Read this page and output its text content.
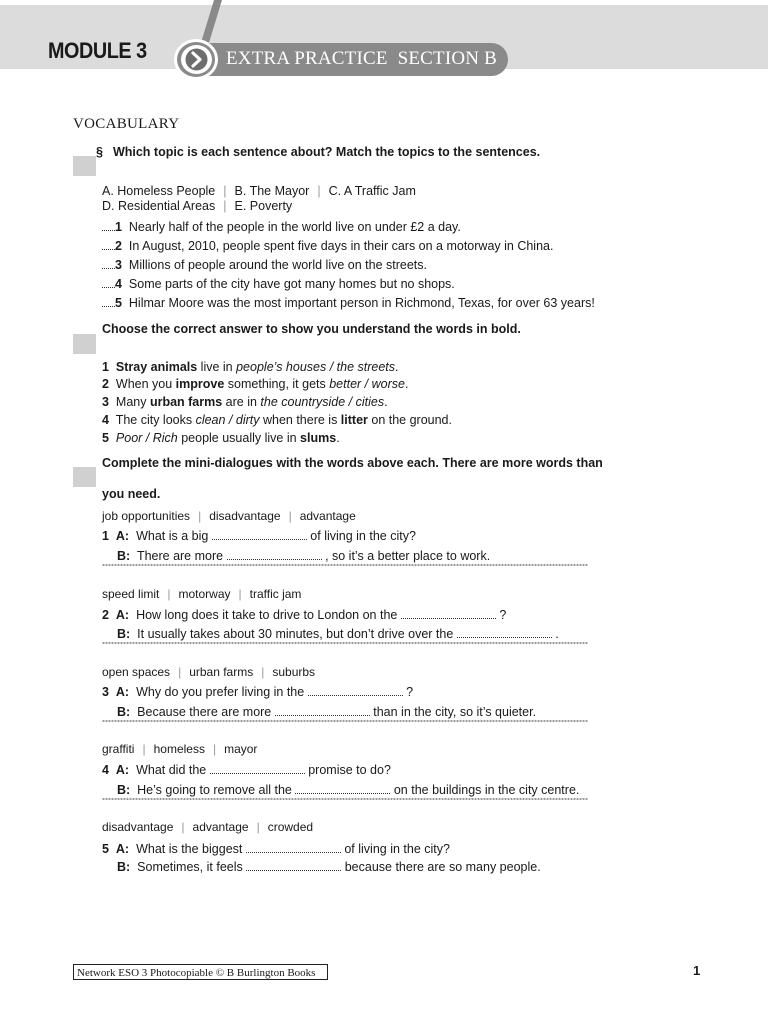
MODULE 3	EXTRA PRACTICE  SECTION B
VOCABULARY
§ Which topic is each sentence about? Match the topics to the sentences.
A. Homeless People | B. The Mayor | C. A Traffic Jam
D. Residential Areas | E. Poverty
1 Nearly half of the people in the world live on under £2 a day.
2 In August, 2010, people spent five days in their cars on a motorway in China.
3 Millions of people around the world live on the streets.
4 Some parts of the city have got many homes but no shops.
5 Hilmar Moore was the most important person in Richmond, Texas, for over 63 years!
Choose the correct answer to show you understand the words in bold.
1 Stray animals live in people’s houses / the streets.
2 When you improve something, it gets better / worse.
3 Many urban farms are in the countryside / cities.
4 The city looks clean / dirty when there is litter on the ground.
5 Poor / Rich people usually live in slums.
Complete the mini-dialogues with the words above each. There are more words than
you need.
job opportunities | disadvantage | advantage
1 A: What is a big	of living in the city?
B: There are more	, so it’s a better place to work.
speed limit | motorway | traffic jam
2 A: How long does it take to drive to London on the	?
B: It usually takes about 30 minutes, but don’t drive over the	.
open spaces | urban farms | suburbs
3 A: Why do you prefer living in the	?
B: Because there are more	than in the city, so it’s quieter.
graffiti | homeless | mayor
4 A: What did the	promise to do?
B: He’s going to remove all the	on the buildings in the city centre.
disadvantage | advantage | crowded
5 A: What is the biggest	of living in the city?
B: Sometimes, it feels	because there are so many people.
Network ESO 3 Photocopiable © B Burlington Books	1
